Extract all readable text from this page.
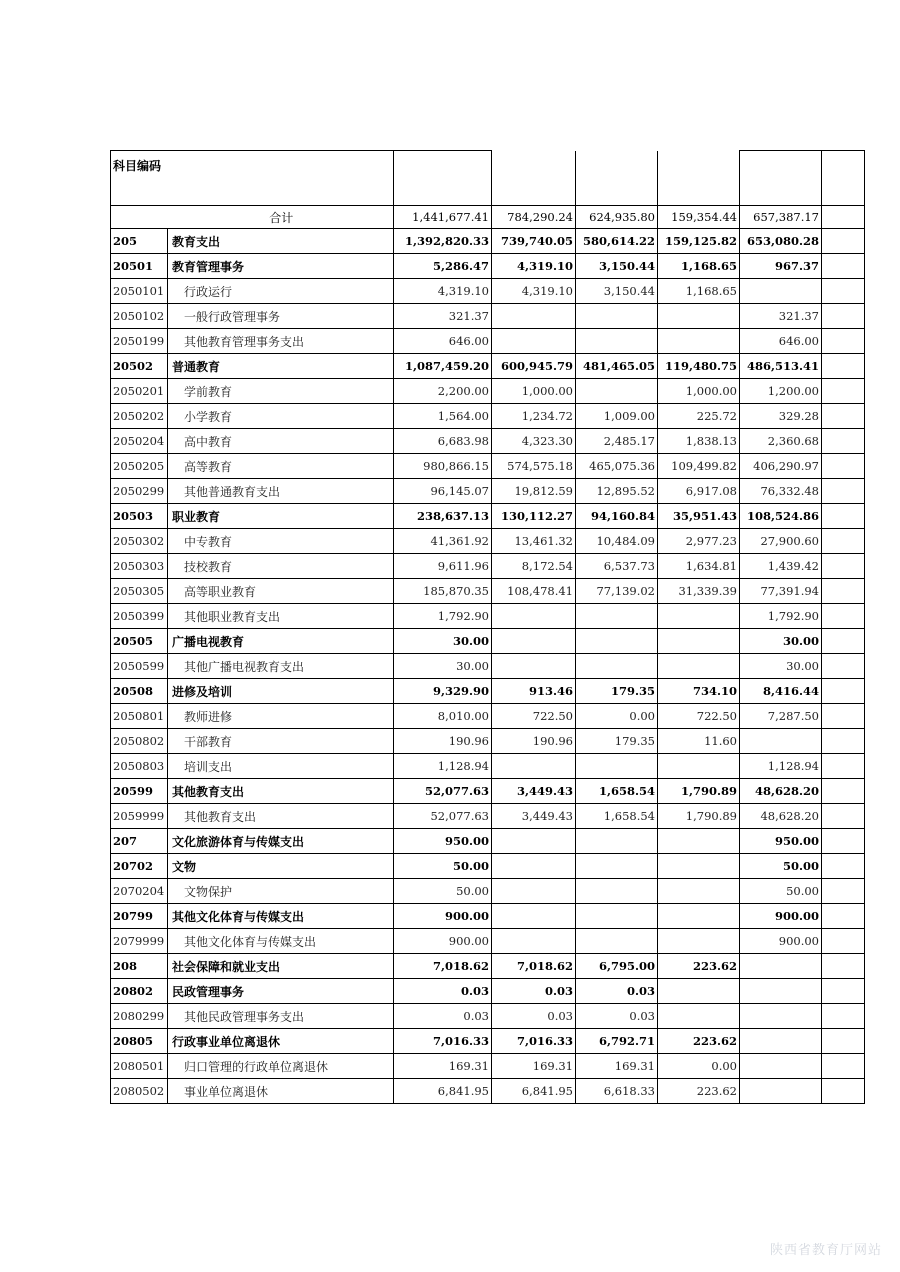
科目编码							
	合计	1,441,677.41	784,290.24	624,935.80	159,354.44	657,387.17	
205	教育支出	1,392,820.33	739,740.05	580,614.22	159,125.82	653,080.28	
20501	教育管理事务	5,286.47	4,319.10	3,150.44	1,168.65	967.37	
2050101	行政运行	4,319.10	4,319.10	3,150.44	1,168.65		
2050102	一般行政管理事务	321.37				321.37	
2050199	其他教育管理事务支出	646.00				646.00	
20502	普通教育	1,087,459.20	600,945.79	481,465.05	119,480.75	486,513.41	
2050201	学前教育	2,200.00	1,000.00		1,000.00	1,200.00	
2050202	小学教育	1,564.00	1,234.72	1,009.00	225.72	329.28	
2050204	高中教育	6,683.98	4,323.30	2,485.17	1,838.13	2,360.68	
2050205	高等教育	980,866.15	574,575.18	465,075.36	109,499.82	406,290.97	
2050299	其他普通教育支出	96,145.07	19,812.59	12,895.52	6,917.08	76,332.48	
20503	职业教育	238,637.13	130,112.27	94,160.84	35,951.43	108,524.86	
2050302	中专教育	41,361.92	13,461.32	10,484.09	2,977.23	27,900.60	
2050303	技校教育	9,611.96	8,172.54	6,537.73	1,634.81	1,439.42	
2050305	高等职业教育	185,870.35	108,478.41	77,139.02	31,339.39	77,391.94	
2050399	其他职业教育支出	1,792.90				1,792.90	
20505	广播电视教育	30.00				30.00	
2050599	其他广播电视教育支出	30.00				30.00	
20508	进修及培训	9,329.90	913.46	179.35	734.10	8,416.44	
2050801	教师进修	8,010.00	722.50	0.00	722.50	7,287.50	
2050802	干部教育	190.96	190.96	179.35	11.60		
2050803	培训支出	1,128.94				1,128.94	
20599	其他教育支出	52,077.63	3,449.43	1,658.54	1,790.89	48,628.20	
2059999	其他教育支出	52,077.63	3,449.43	1,658.54	1,790.89	48,628.20	
207	文化旅游体育与传媒支出	950.00				950.00	
20702	文物	50.00				50.00	
2070204	文物保护	50.00				50.00	
20799	其他文化体育与传媒支出	900.00				900.00	
2079999	其他文化体育与传媒支出	900.00				900.00	
208	社会保障和就业支出	7,018.62	7,018.62	6,795.00	223.62		
20802	民政管理事务	0.03	0.03	0.03			
2080299	其他民政管理事务支出	0.03	0.03	0.03			
20805	行政事业单位离退休	7,016.33	7,016.33	6,792.71	223.62		
2080501	归口管理的行政单位离退休	169.31	169.31	169.31	0.00		
2080502	事业单位离退休	6,841.95	6,841.95	6,618.33	223.62		
陕西省教育厅网站
